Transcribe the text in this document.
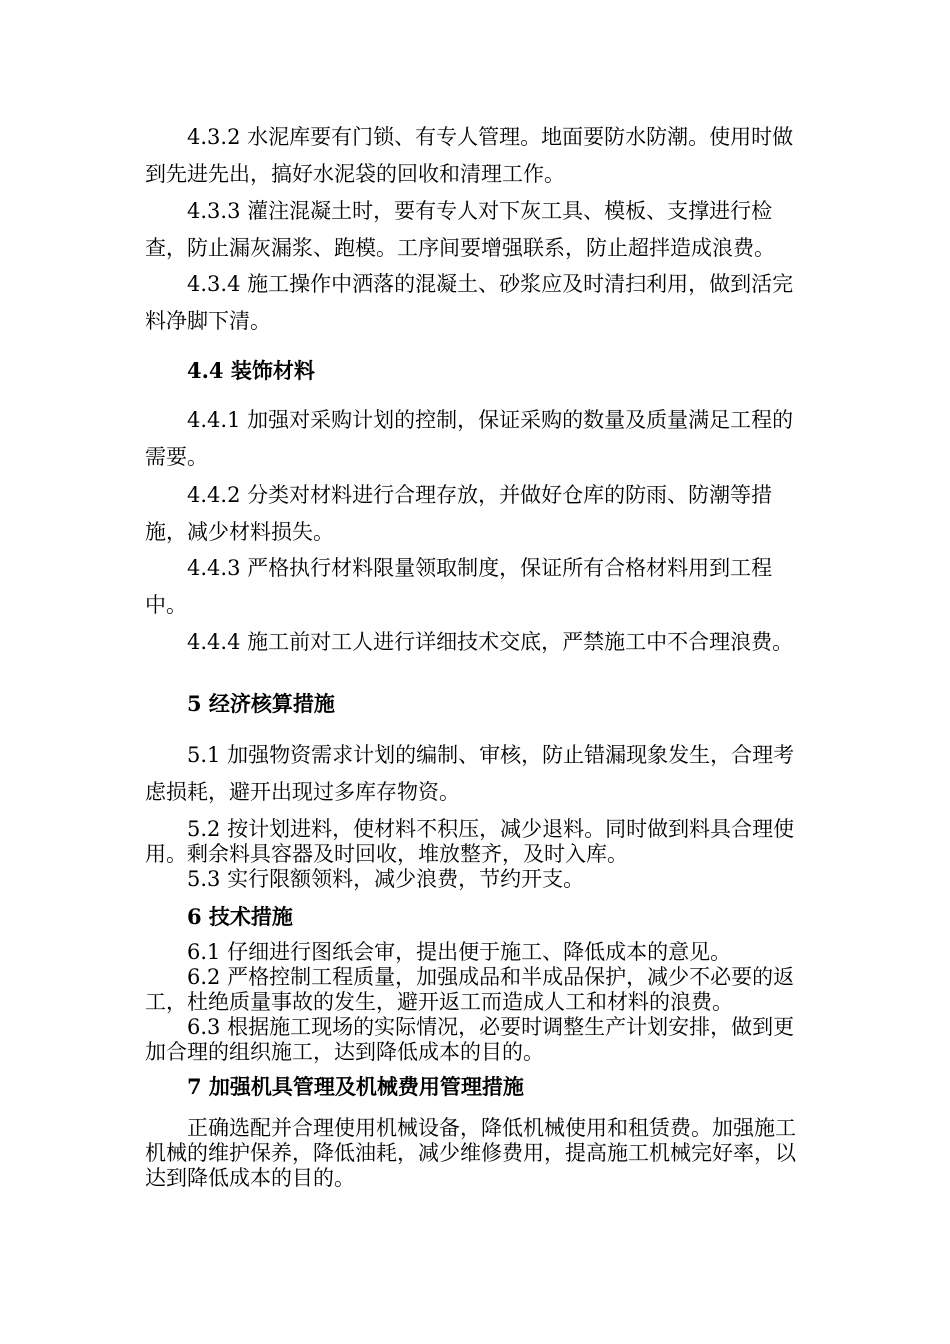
4.3.2 水泥库要有门锁、有专人管理。地面要防水防潮。使用时做到先进先出，搞好水泥袋的回收和清理工作。

4.3.3 灌注混凝土时，要有专人对下灰工具、模板、支撑进行检查，防止漏灰漏浆、跑模。工序间要增强联系，防止超拌造成浪费。

4.3.4 施工操作中洒落的混凝土、砂浆应及时清扫利用，做到活完料净脚下清。

4.4 装饰材料

4.4.1 加强对采购计划的控制，保证采购的数量及质量满足工程的需要。

4.4.2 分类对材料进行合理存放，并做好仓库的防雨、防潮等措施，减少材料损失。

4.4.3 严格执行材料限量领取制度，保证所有合格材料用到工程中。

4.4.4 施工前对工人进行详细技术交底，严禁施工中不合理浪费。

5 经济核算措施

5.1 加强物资需求计划的编制、审核，防止错漏现象发生，合理考虑损耗，避开出现过多库存物资。

5.2 按计划进料，使材料不积压，减少退料。同时做到料具合理使用。剩余料具容器及时回收，堆放整齐，及时入库。

5.3 实行限额领料，减少浪费，节约开支。

6 技术措施

6.1 仔细进行图纸会审，提出便于施工、降低成本的意见。

6.2 严格控制工程质量，加强成品和半成品保护，减少不必要的返工，杜绝质量事故的发生，避开返工而造成人工和材料的浪费。

6.3 根据施工现场的实际情况，必要时调整生产计划安排，做到更加合理的组织施工，达到降低成本的目的。

7 加强机具管理及机械费用管理措施

正确选配并合理使用机械设备，降低机械使用和租赁费。加强施工机械的维护保养，降低油耗，减少维修费用，提高施工机械完好率，以达到降低成本的目的。
